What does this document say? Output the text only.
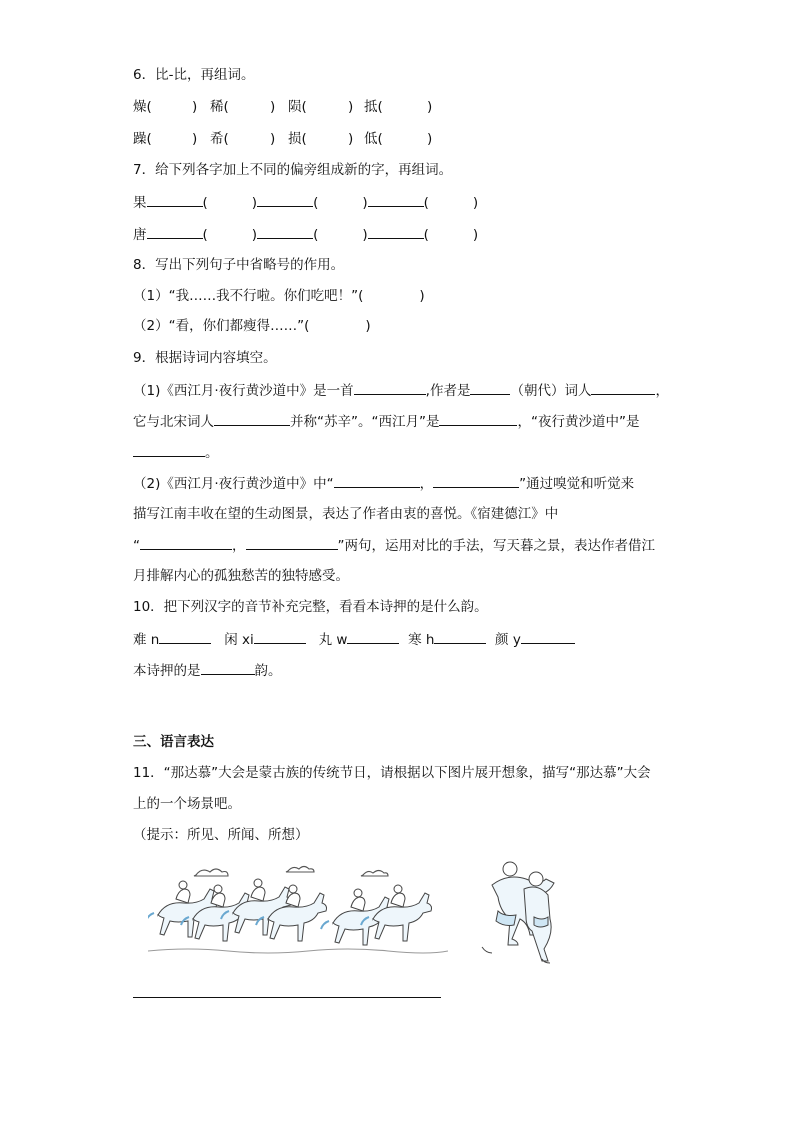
6．比-比，再组词。
燥(	) 稀(	) 陨(	) 抵(	)
躁(	) 希(	) 损(	) 低(	)
7．给下列各字加上不同的偏旁组成新的字，再组词。
果	(	)	(	)	(	)
唐	(	)	(	)	(	)
8．写出下列句子中省略号的作用。
（1）“我……我不行啦。你们吃吧！”(	)
（2）“看，你们都瘦得……”(	)
9．根据诗词内容填空。
（1)《西江月·夜行黄沙道中》是一首	,作者是	（朝代）词人	，
它与北宋词人	并称“苏辛”。“西江月”是	，“夜行黄沙道中”是
。
（2)《西江月·夜行黄沙道中》中“	，	”通过嗅觉和听觉来
描写江南丰收在望的生动图景，表达了作者由衷的喜悦。《宿建德江》中
“	，	”两句，运用对比的手法，写天暮之景，表达作者借江
月排解内心的孤独愁苦的独特感受。
10．把下列汉字的音节补充完整，看看本诗押的是什么韵。
难 n	闲 xi	丸 w	寒 h	颜 y
本诗押的是	韵。
三、语言表达
11．“那达慕”大会是蒙古族的传统节日，请根据以下图片展开想象，描写“那达慕”大会
上的一个场景吧。
（提示：所见、所闻、所想）
